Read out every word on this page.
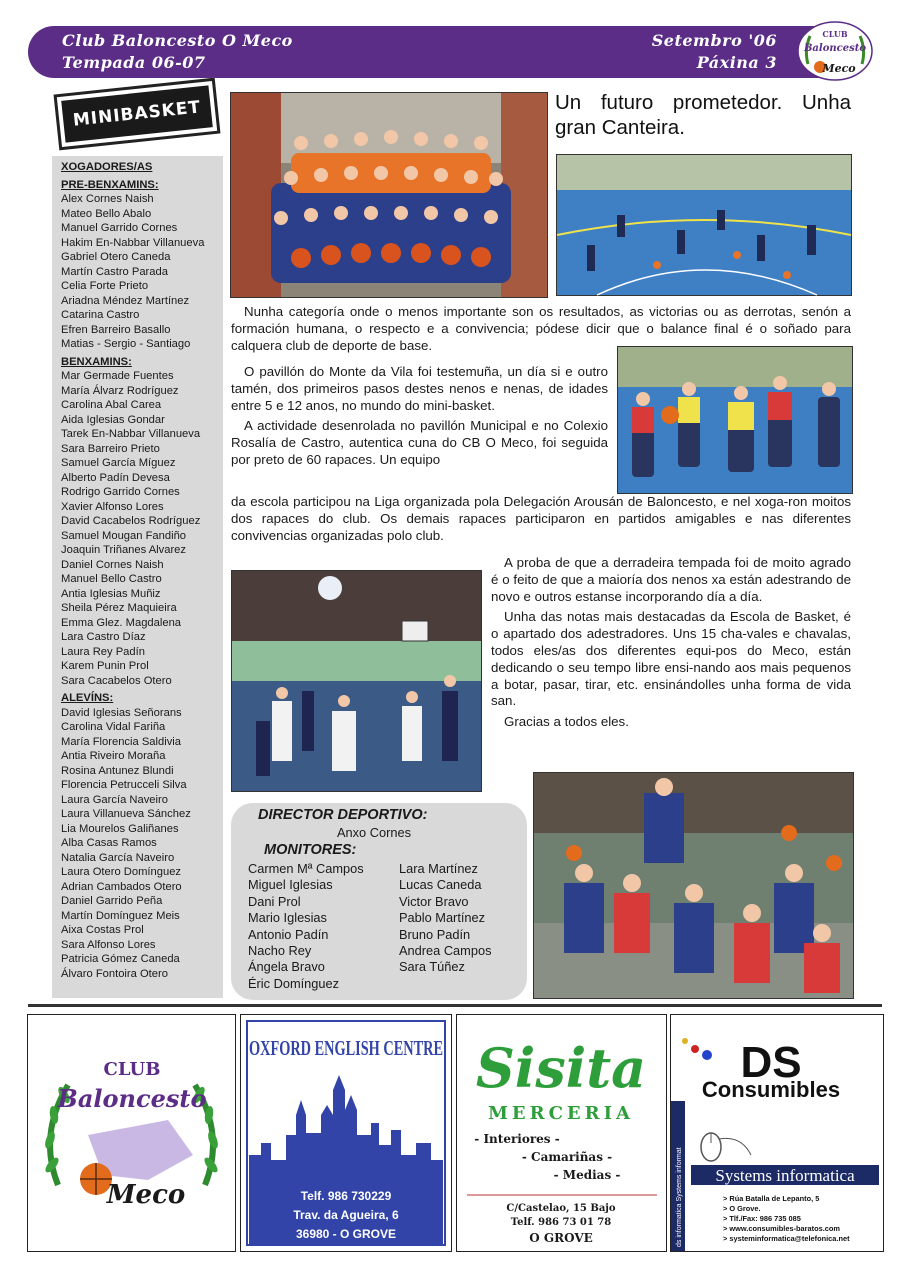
Club Baloncesto O Meco
Tempada 06-07
Setembro '06
Páxina 3
CLUB
Baloncesto
Meco
MINIBASKET
XOGADORES/AS
PRE-BENXAMINS:
Alex Cornes Naish
Mateo Bello Abalo
Manuel Garrido Cornes
Hakim En-Nabbar Villanueva
Gabriel Otero Caneda
Martín Castro Parada
Celia Forte Prieto
Ariadna Méndez Martínez
Catarina Castro
Efren Barreiro Basallo
Matias - Sergio - Santiago
BENXAMINS:
Mar Germade Fuentes
María Álvarz Rodríguez
Carolina Abal Carea
Aida Iglesias Gondar
Tarek En-Nabbar Villanueva
Sara Barreiro Prieto
Samuel García Míguez
Alberto Padín Devesa
Rodrigo Garrido Cornes
Xavier Alfonso Lores
David Cacabelos Rodríguez
Samuel Mougan Fandiño
Joaquin Triñanes Alvarez
Daniel Cornes Naish
Manuel Bello Castro
Antia Iglesias Muñiz
Sheila Pérez Maquieira
Emma Glez. Magdalena
Lara Castro Díaz
Laura Rey Padín
Karem Punin Prol
Sara Cacabelos Otero
ALEVÍNS:
David Iglesias Señorans
Carolina Vidal Fariña
María Florencia Saldivia
Antia Riveiro Moraña
Rosina Antunez Blundi
Florencia Petrucceli Silva
Laura García Naveiro
Laura Villanueva Sánchez
Lia Mourelos Galiñanes
Alba Casas Ramos
Natalia García Naveiro
Laura Otero Domínguez
Adrian Cambados Otero
Daniel Garrido Peña
Martín Domínguez Meis
Aixa Costas Prol
Sara Alfonso Lores
Patricia Gómez Caneda
Álvaro Fontoira Otero
Un futuro prometedor. Unha gran Canteira.

Nunha categoría onde o menos importante son os resultados, as victorias ou as derrotas, senón a formación humana, o respecto e a convivencia; pódese dicir que o balance final é o soñado para calquera club de deporte de base.

O pavillón do Monte da Vila foi testemuña, un día si e outro tamén, dos primeiros pasos destes nenos e nenas, de idades entre 5 e 12 anos, no mundo do mini-basket.

A actividade desenrolada no pavillón Municipal e no Colexio Rosalía de Castro, autentica cuna do CB O Meco, foi seguida por preto de 60 rapaces. Un equipo

da escola participou na Liga organizada pola Delegación Arousán de Baloncesto, e nel xoga-ron moitos dos rapaces do club. Os demais rapaces participaron en partidos amigables e nas diferentes convivencias organizadas polo club.

A proba de que a derradeira tempada foi de moito agrado é o feito de que a maioría dos nenos xa están adestrando de novo e outros estanse incorporando día a día.

Unha das notas mais destacadas da Escola de Basket, é o apartado dos adestradores. Uns 15 cha-vales e chavalas, todos eles/as dos diferentes equi-pos do Meco, están dedicando o seu tempo libre ensi-nando aos mais pequenos a botar, pasar, tirar, etc. ensinándolles unha forma de vida san.

Gracias a todos eles.

DIRECTOR DEPORTIVO:
Anxo Cornes
MONITORES:
Carmen Mª Campos
Miguel Iglesias
Dani Prol
Mario Iglesias
Antonio Padín
Nacho Rey
Ángela Bravo
Éric Domínguez
Lara Martínez
Lucas Caneda
Victor Bravo
Pablo Martínez
Bruno Padín
Andrea Campos
Sara Túñez
CLUB
Baloncesto
Meco
OXFORD ENGLISH CENTRE
Telf. 986 730229
Trav. da Agueira, 6
36980 - O GROVE
Sisita
MERCERIA
- Interiores -
- Camariñas -
- Medias -
C/Castelao, 15 Bajo
Telf. 986 73 01 78
O GROVE
DS
Consumibles
ds informatica Systems informat Systems informatica
> Rúa Batalla de Lepanto, 5
> O Grove.
> Tlf./Fax: 986 735 085
> www.consumibles-baratos.com
> systeminformatica@telefonica.net
